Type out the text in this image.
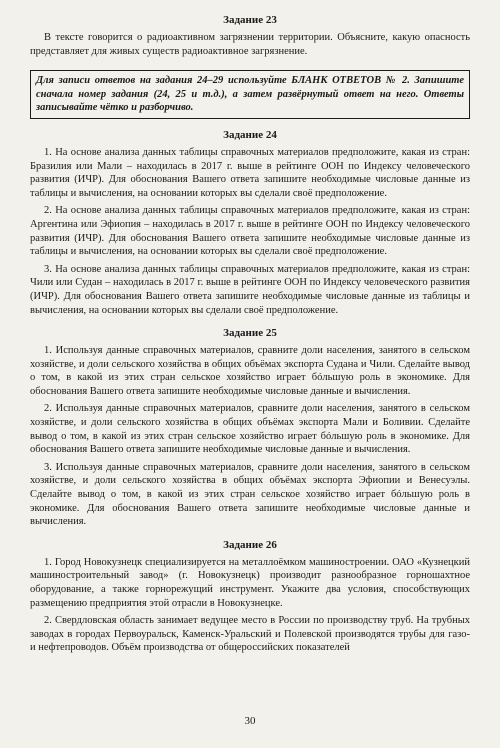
Задание 23

В тексте говорится о радиоактивном загрязнении территории. Объясните, какую опасность представляет для живых существ радиоактивное загрязнение.

Для записи ответов на задания 24–29 используйте БЛАНК ОТВЕТОВ № 2. Запишите сначала номер задания (24, 25 и т.д.), а затем развёрнутый ответ на него. Ответы записывайте чётко и разборчиво.
Задание 24

1. На основе анализа данных таблицы справочных материалов предположите, какая из стран: Бразилия или Мали – находилась в 2017 г. выше в рейтинге ООН по Индексу человеческого развития (ИЧР). Для обоснования Вашего ответа запишите необходимые числовые данные из таблицы и вычисления, на основании которых вы сделали своё предположение.

2. На основе анализа данных таблицы справочных материалов предположите, какая из стран: Аргентина или Эфиопия – находилась в 2017 г. выше в рейтинге ООН по Индексу человеческого развития (ИЧР). Для обоснования Вашего ответа запишите необходимые числовые данные из таблицы и вычисления, на основании которых вы сделали своё предположение.

3. На основе анализа данных таблицы справочных материалов предположите, какая из стран: Чили или Судан – находилась в 2017 г. выше в рейтинге ООН по Индексу человеческого развития (ИЧР). Для обоснования Вашего ответа запишите необходимые числовые данные из таблицы и вычисления, на основании которых вы сделали своё предположение.

Задание 25

1. Используя данные справочных материалов, сравните доли населения, занятого в сельском хозяйстве, и доли сельского хозяйства в общих объёмах экспорта Судана и Чили. Сделайте вывод о том, в какой из этих стран сельское хозяйство играет бóльшую роль в экономике. Для обоснования Вашего ответа запишите необходимые числовые данные и вычисления.

2. Используя данные справочных материалов, сравните доли населения, занятого в сельском хозяйстве, и доли сельского хозяйства в общих объёмах экспорта Мали и Боливии. Сделайте вывод о том, в какой из этих стран сельское хозяйство играет бóльшую роль в экономике. Для обоснования Вашего ответа запишите необходимые числовые данные и вычисления.

3. Используя данные справочных материалов, сравните доли населения, занятого в сельском хозяйстве, и доли сельского хозяйства в общих объёмах экспорта Эфиопии и Венесуэлы. Сделайте вывод о том, в какой из этих стран сельское хозяйство играет бóльшую роль в экономике. Для обоснования Вашего ответа запишите необходимые числовые данные и вычисления.

Задание 26

1. Город Новокузнецк специализируется на металлоёмком машиностроении. ОАО «Кузнецкий машиностроительный завод» (г. Новокузнецк) производит разнообразное горношахтное оборудование, а также горнорежущий инструмент. Укажите два условия, способствующих размещению предприятия этой отрасли в Новокузнецке.

2. Свердловская область занимает ведущее место в России по производству труб. На трубных заводах в городах Первоуральск, Каменск-Уральский и Полевской производятся трубы для газо- и нефтепроводов. Объём производства от общероссийских показателей

30
